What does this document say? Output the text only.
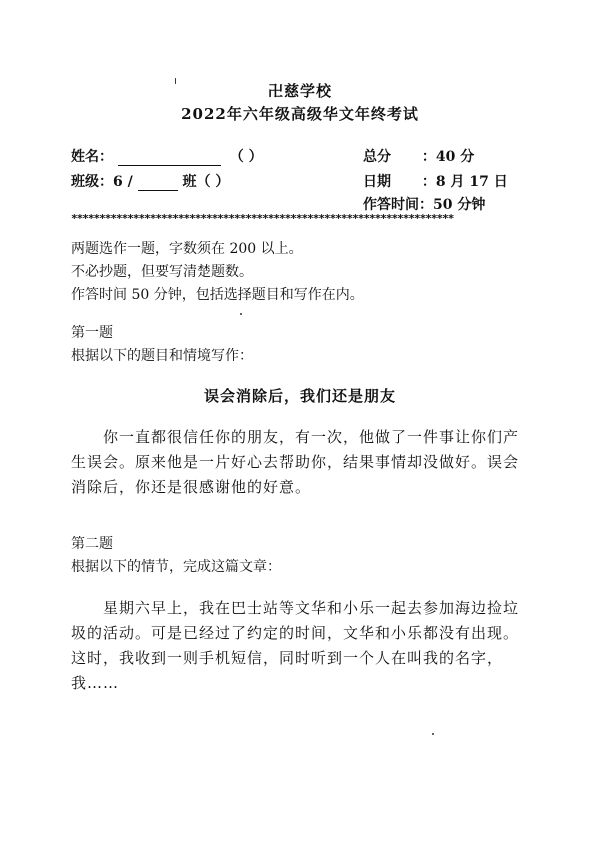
卍慈学校
2022年六年级高级华文年终考试
姓名：	（ ）
班级：6 /	班（ ）
总分 ：40 分
日期 ：8 月 17 日
作答时间：50 分钟
********************************************************************
两题选作一题，字数须在 200 以上。
不必抄题，但要写清楚题数。
作答时间 50 分钟，包括选择题目和写作在内。
第一题
根据以下的题目和情境写作：
误会消除后，我们还是朋友
你一直都很信任你的朋友，有一次，他做了一件事让你们产生误会。原来他是一片好心去帮助你，结果事情却没做好。误会消除后，你还是很感谢他的好意。
第二题
根据以下的情节，完成这篇文章：
星期六早上，我在巴士站等文华和小乐一起去参加海边捡垃圾的活动。可是已经过了约定的时间，文华和小乐都没有出现。这时，我收到一则手机短信，同时听到一个人在叫我的名字，我……
